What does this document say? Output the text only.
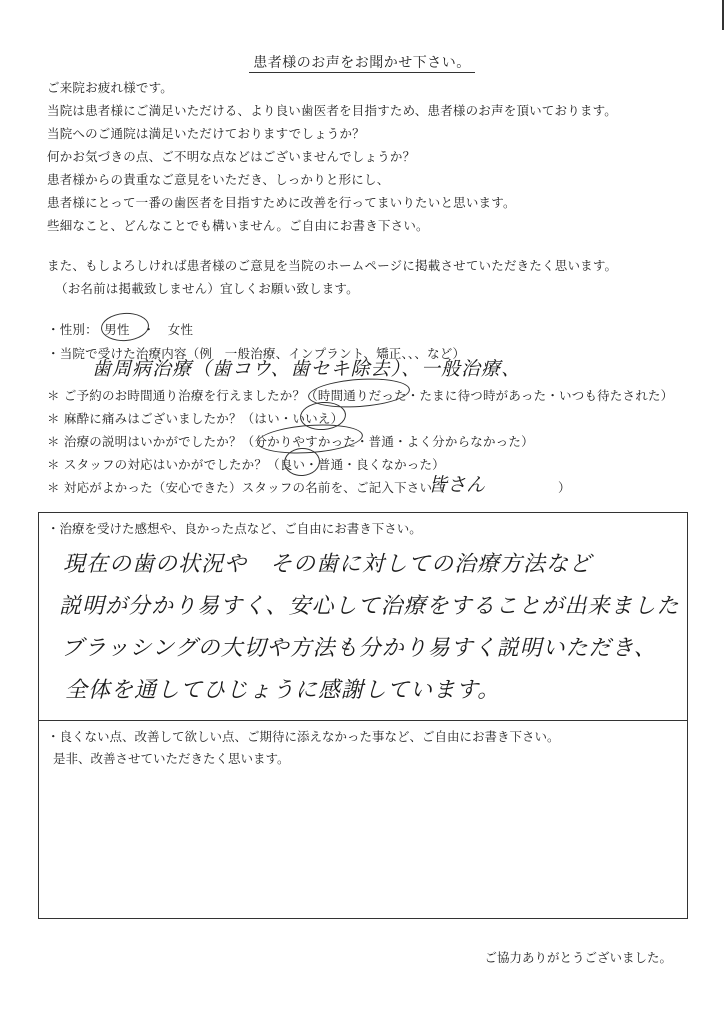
患者様のお声をお聞かせ下さい。
ご来院お疲れ様です。
当院は患者様にご満足いただける、より良い歯医者を目指すため、患者様のお声を頂いております。
当院へのご通院は満足いただけておりますでしょうか？
何かお気づきの点、ご不明な点などはございませんでしょうか？
患者様からの貴重なご意見をいただき、しっかりと形にし、
患者様にとって一番の歯医者を目指すために改善を行ってまいりたいと思います。
些細なこと、どんなことでも構いません。ご自由にお書き下さい。
また、もしよろしければ患者様のご意見を当院のホームページに掲載させていただきたく思います。
（お名前は掲載致しません）宜しくお願い致します。
・性別：　男性　・　女性
・当院で受けた治療内容（例　一般治療、インプラント、矯正、、、など）
歯周病治療（歯コウ、歯セキ除去）、一般治療、
＊ ご予約のお時間通り治療を行えましたか？（時間通りだった・たまに待つ時があった・いつも待たされた）
＊ 麻酔に痛みはございましたか？（はい・いいえ）
＊ 治療の説明はいかがでしたか？（分かりやすかった・普通・よく分からなかった）
＊ スタッフの対応はいかがでしたか？（良い・普通・良くなかった）
＊ 対応がよかった（安心できた）スタッフの名前を、ご記入下さい（
皆さん	）
・治療を受けた感想や、良かった点など、ご自由にお書き下さい。
現在の歯の状況や　その歯に対しての治療方法など
説明が分かり易すく、安心して治療をすることが出来ました
ブラッシングの大切や方法も分かり易すく説明いただき、
全体を通してひじょうに感謝しています。
・良くない点、改善して欲しい点、ご期待に添えなかった事など、ご自由にお書き下さい。
是非、改善させていただきたく思います。
ご協力ありがとうございました。
